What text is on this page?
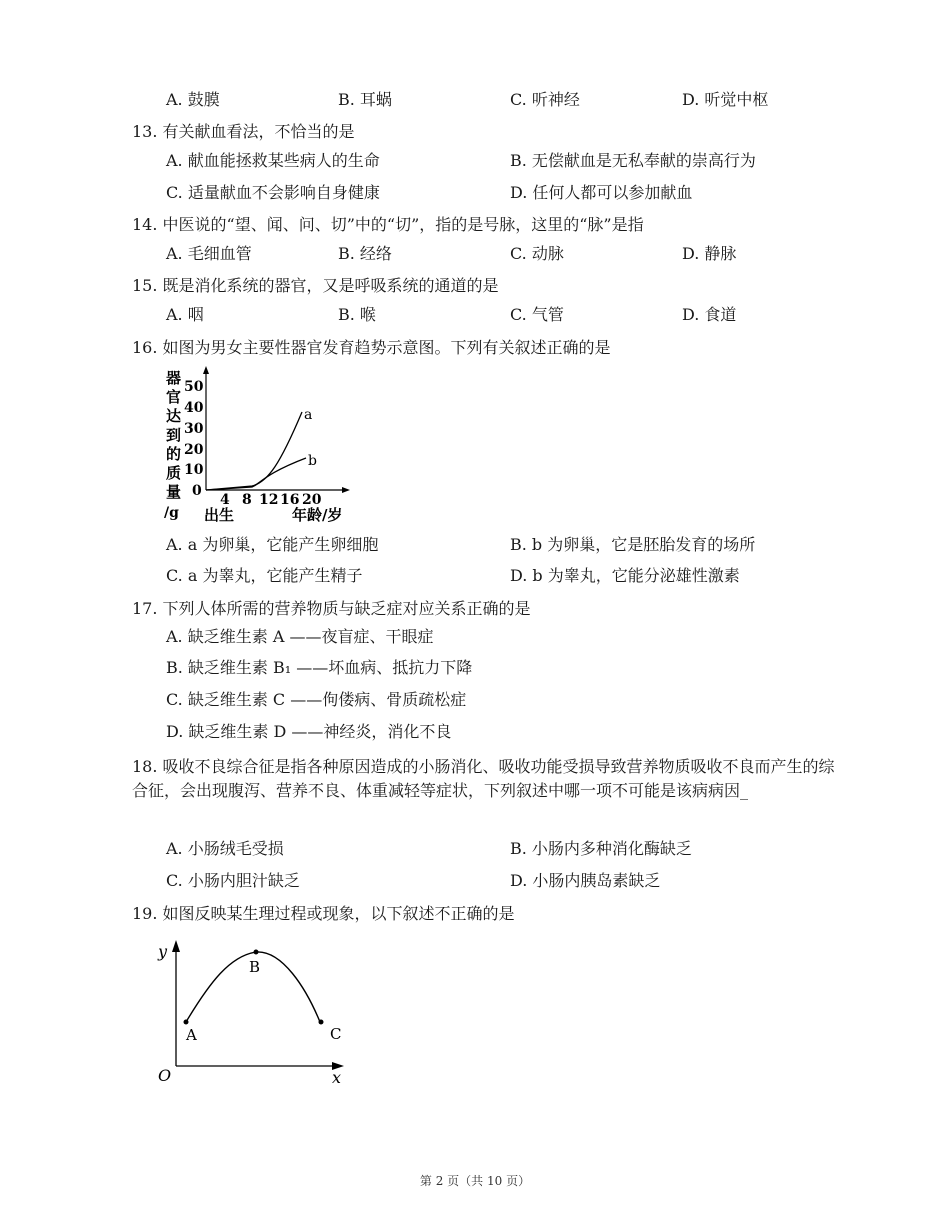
A. 鼓膜	B. 耳蜗	C. 听神经	D. 听觉中枢
13. 有关献血看法，不恰当的是
A. 献血能拯救某些病人的生命	B. 无偿献血是无私奉献的崇高行为
C. 适量献血不会影响自身健康	D. 任何人都可以参加献血
14. 中医说的“望、闻、问、切”中的“切”，指的是号脉，这里的“脉”是指
A. 毛细血管	B. 经络	C. 动脉	D. 静脉
15. 既是消化系统的器官，又是呼吸系统的通道的是
A. 咽	B. 喉	C. 气管	D. 食道
16. 如图为男女主要性器官发育趋势示意图。下列有关叙述正确的是
器
官
达
到
的
质
量
/g
50
40
30
20
10
0
4 8 12 16 20
出生	年龄/岁
a
b
A. a 为卵巢，它能产生卵细胞	B. b 为卵巢，它是胚胎发育的场所
C. a 为睾丸，它能产生精子	D. b 为睾丸，它能分泌雄性激素
17. 下列人体所需的营养物质与缺乏症对应关系正确的是
A. 缺乏维生素 A ——夜盲症、干眼症
B. 缺乏维生素 B₁ ——坏血病、抵抗力下降
C. 缺乏维生素 C ——佝偻病、骨质疏松症
D. 缺乏维生素 D ——神经炎，消化不良
18. 吸收不良综合征是指各种原因造成的小肠消化、吸收功能受损导致营养物质吸收不良而产生的综合征，会出现腹泻、营养不良、体重减轻等症状，下列叙述中哪一项不可能是该病病因_
A. 小肠绒毛受损	B. 小肠内多种消化酶缺乏
C. 小肠内胆汁缺乏	D. 小肠内胰岛素缺乏
19. 如图反映某生理过程或现象，以下叙述不正确的是
y
x
O
A
B
C
第 2 页（共 10 页）
